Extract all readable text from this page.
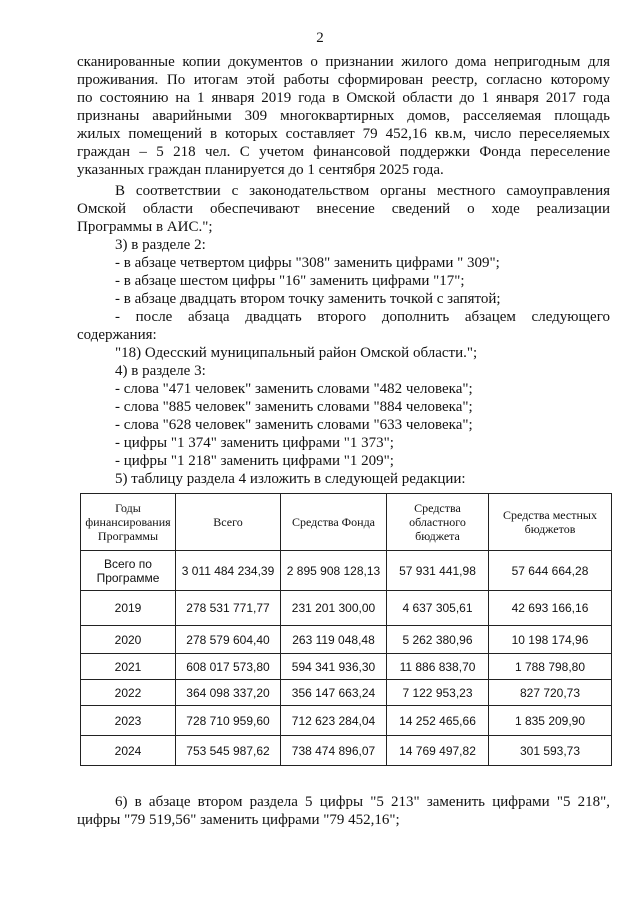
2
сканированные копии документов о признании жилого дома непригодным для
проживания. По итогам этой работы сформирован реестр, согласно которому
по состоянию на 1 января 2019 года в Омской области до 1 января 2017 года
признаны аварийными 309 многоквартирных домов, расселяемая площадь
жилых помещений в которых составляет 79 452,16 кв.м, число переселяемых
граждан – 5 218 чел. С учетом финансовой поддержки Фонда переселение
указанных граждан планируется до 1 сентября 2025 года.
В соответствии с законодательством органы местного самоуправления
Омской области обеспечивают внесение сведений о ходе реализации
Программы в АИС.";
3) в разделе 2:
- в абзаце четвертом цифры "308" заменить цифрами " 309";
- в абзаце шестом цифры "16" заменить цифрами "17";
- в абзаце двадцать втором точку заменить точкой с запятой;
- после абзаца двадцать второго дополнить абзацем следующего
содержания:
"18) Одесский муниципальный район Омской области.";
4) в разделе 3:
- слова "471 человек" заменить словами "482 человека";
- слова "885 человек" заменить словами "884 человека";
- слова "628 человек" заменить словами "633 человека";
- цифры "1 374" заменить цифрами "1 373";
- цифры "1 218" заменить цифрами "1 209";
5) таблицу раздела 4 изложить в следующей редакции:
Годы финансирования Программы	Всего	Средства Фонда	Средства областного бюджета	Средства местных бюджетов
Всего по Программе	3 011 484 234,39	2 895 908 128,13	57 931 441,98	57 644 664,28
2019	278 531 771,77	231 201 300,00	4 637 305,61	42 693 166,16
2020	278 579 604,40	263 119 048,48	5 262 380,96	10 198 174,96
2021	608 017 573,80	594 341 936,30	11 886 838,70	1 788 798,80
2022	364 098 337,20	356 147 663,24	7 122 953,23	827 720,73
2023	728 710 959,60	712 623 284,04	14 252 465,66	1 835 209,90
2024	753 545 987,62	738 474 896,07	14 769 497,82	301 593,73
6) в абзаце втором раздела 5 цифры "5 213" заменить цифрами "5 218",
цифры "79 519,56" заменить цифрами "79 452,16";
